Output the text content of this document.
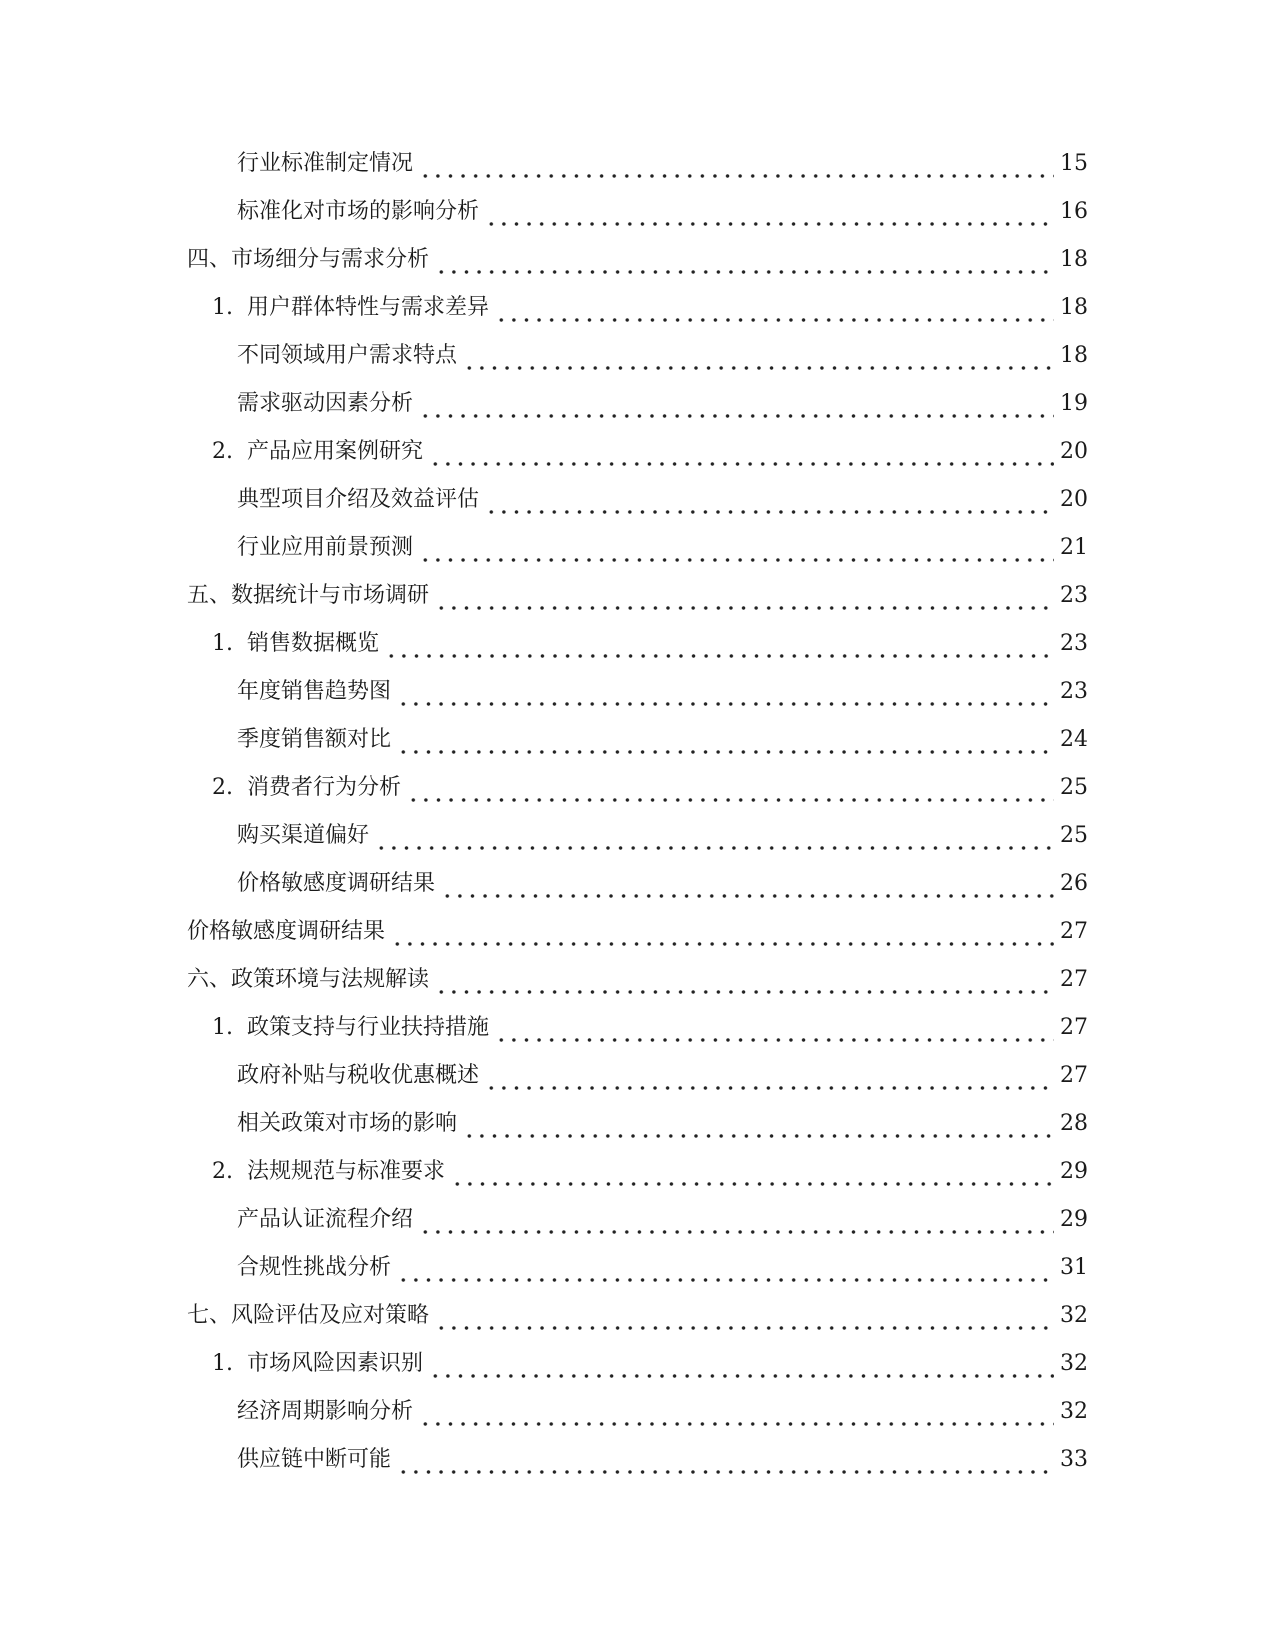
行业标准制定情况	15
标准化对市场的影响分析	16
四、市场细分与需求分析	18
1. 用户群体特性与需求差异	18
不同领域用户需求特点	18
需求驱动因素分析	19
2. 产品应用案例研究	20
典型项目介绍及效益评估	20
行业应用前景预测	21
五、数据统计与市场调研	23
1. 销售数据概览	23
年度销售趋势图	23
季度销售额对比	24
2. 消费者行为分析	25
购买渠道偏好	25
价格敏感度调研结果	26
价格敏感度调研结果	27
六、政策环境与法规解读	27
1. 政策支持与行业扶持措施	27
政府补贴与税收优惠概述	27
相关政策对市场的影响	28
2. 法规规范与标准要求	29
产品认证流程介绍	29
合规性挑战分析	31
七、风险评估及应对策略	32
1. 市场风险因素识别	32
经济周期影响分析	32
供应链中断可能	33
